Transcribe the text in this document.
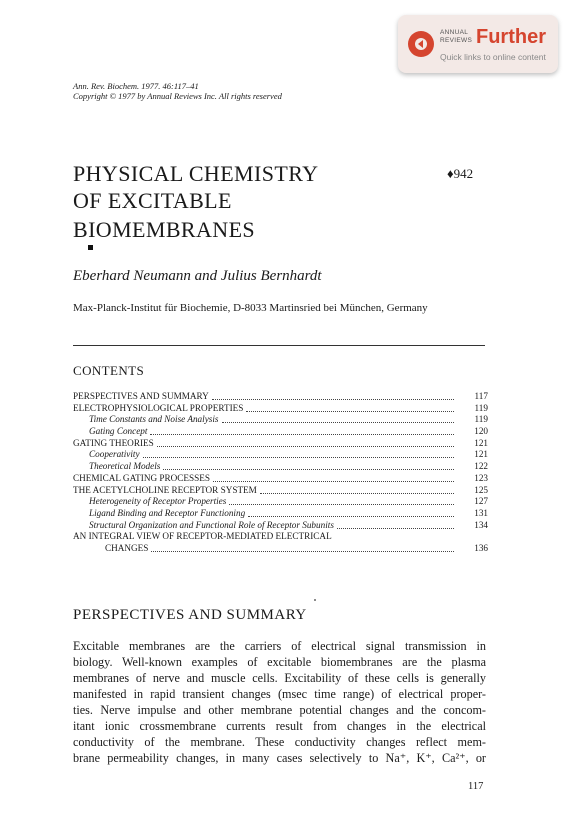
ANNUAL
REVIEWS Further
Quick links to online content
Ann. Rev. Biochem. 1977. 46:117–41
Copyright © 1977 by Annual Reviews Inc. All rights reserved
PHYSICAL CHEMISTRY
OF EXCITABLE
BIOMEMBRANES
♦942
Eberhard Neumann and Julius Bernhardt
Max-Planck-Institut für Biochemie, D-8033 Martinsried bei München, Germany
CONTENTS
PERSPECTIVES AND SUMMARY	117
ELECTROPHYSIOLOGICAL PROPERTIES	119
Time Constants and Noise Analysis	119
Gating Concept	120
GATING THEORIES	121
Cooperativity	121
Theoretical Models	122
CHEMICAL GATING PROCESSES	123
THE ACETYLCHOLINE RECEPTOR SYSTEM	125
Heterogeneity of Receptor Properties	127
Ligand Binding and Receptor Functioning	131
Structural Organization and Functional Role of Receptor Subunits	134
AN INTEGRAL VIEW OF RECEPTOR-MEDIATED ELECTRICAL
CHANGES	136
PERSPECTIVES AND SUMMARY
Excitable membranes are the carriers of electrical signal transmission in
biology. Well-known examples of excitable biomembranes are the plasma
membranes of nerve and muscle cells. Excitability of these cells is generally
manifested in rapid transient changes (msec time range) of electrical proper-
ties. Nerve impulse and other membrane potential changes and the concom-
itant ionic crossmembrane currents result from changes in the electrical
conductivity of the membrane. These conductivity changes reflect mem-
brane permeability changes, in many cases selectively to Na⁺, K⁺, Ca²⁺, or
117
